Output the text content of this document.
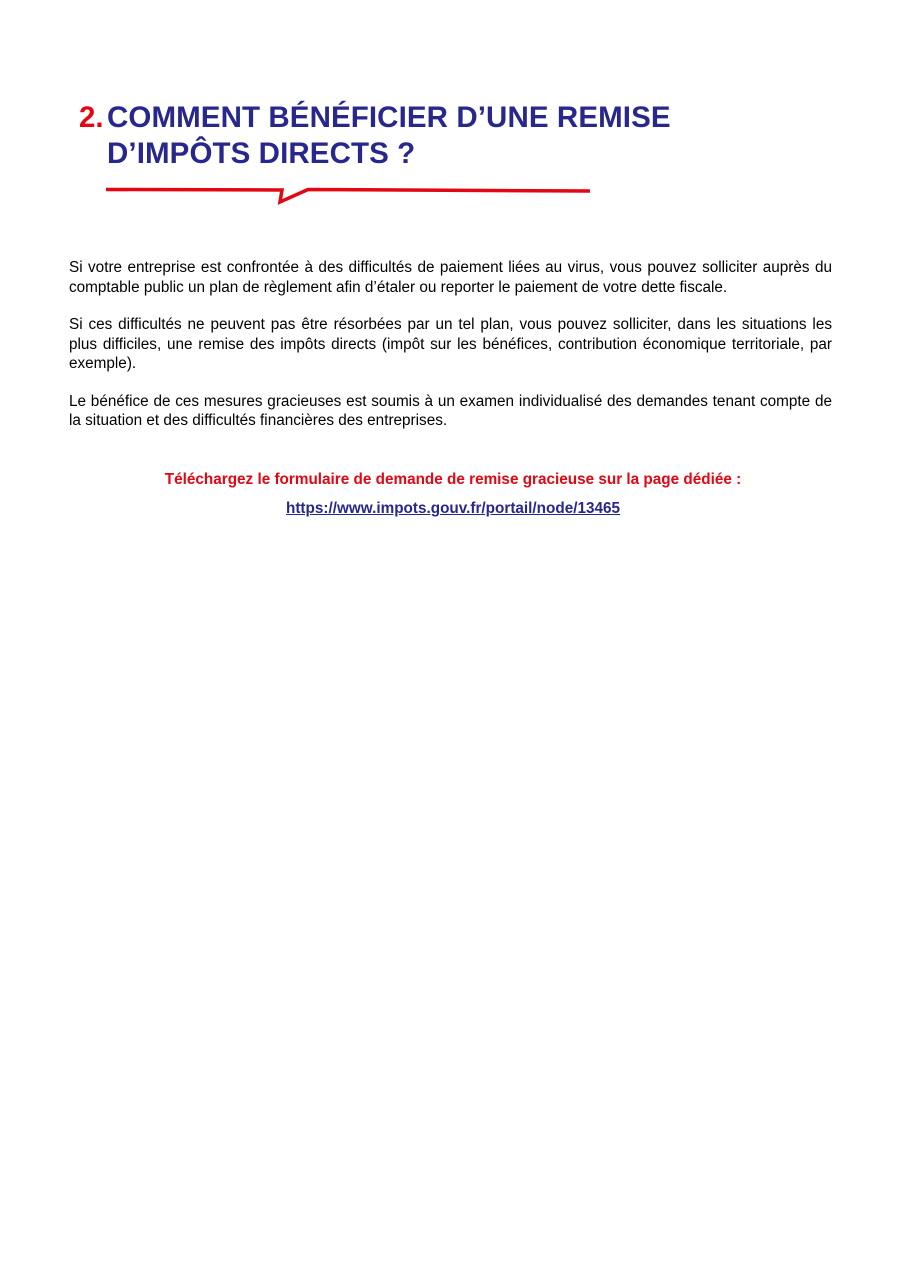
2. COMMENT BÉNÉFICIER D’UNE REMISE
D’IMPÔTS DIRECTS ?

Si votre entreprise est confrontée à des difficultés de paiement liées au virus, vous pouvez solliciter auprès du comptable public un plan de règlement afin d’étaler ou reporter le paiement de votre dette fiscale.

Si ces difficultés ne peuvent pas être résorbées par un tel plan, vous pouvez solliciter, dans les situations les plus difficiles, une remise des impôts directs (impôt sur les bénéfices, contribution économique territoriale, par exemple).

Le bénéfice de ces mesures gracieuses est soumis à un examen individualisé des demandes tenant compte de la situation et des difficultés financières des entreprises.

Téléchargez le formulaire de demande de remise gracieuse sur la page dédiée :
https://www.impots.gouv.fr/portail/node/13465
